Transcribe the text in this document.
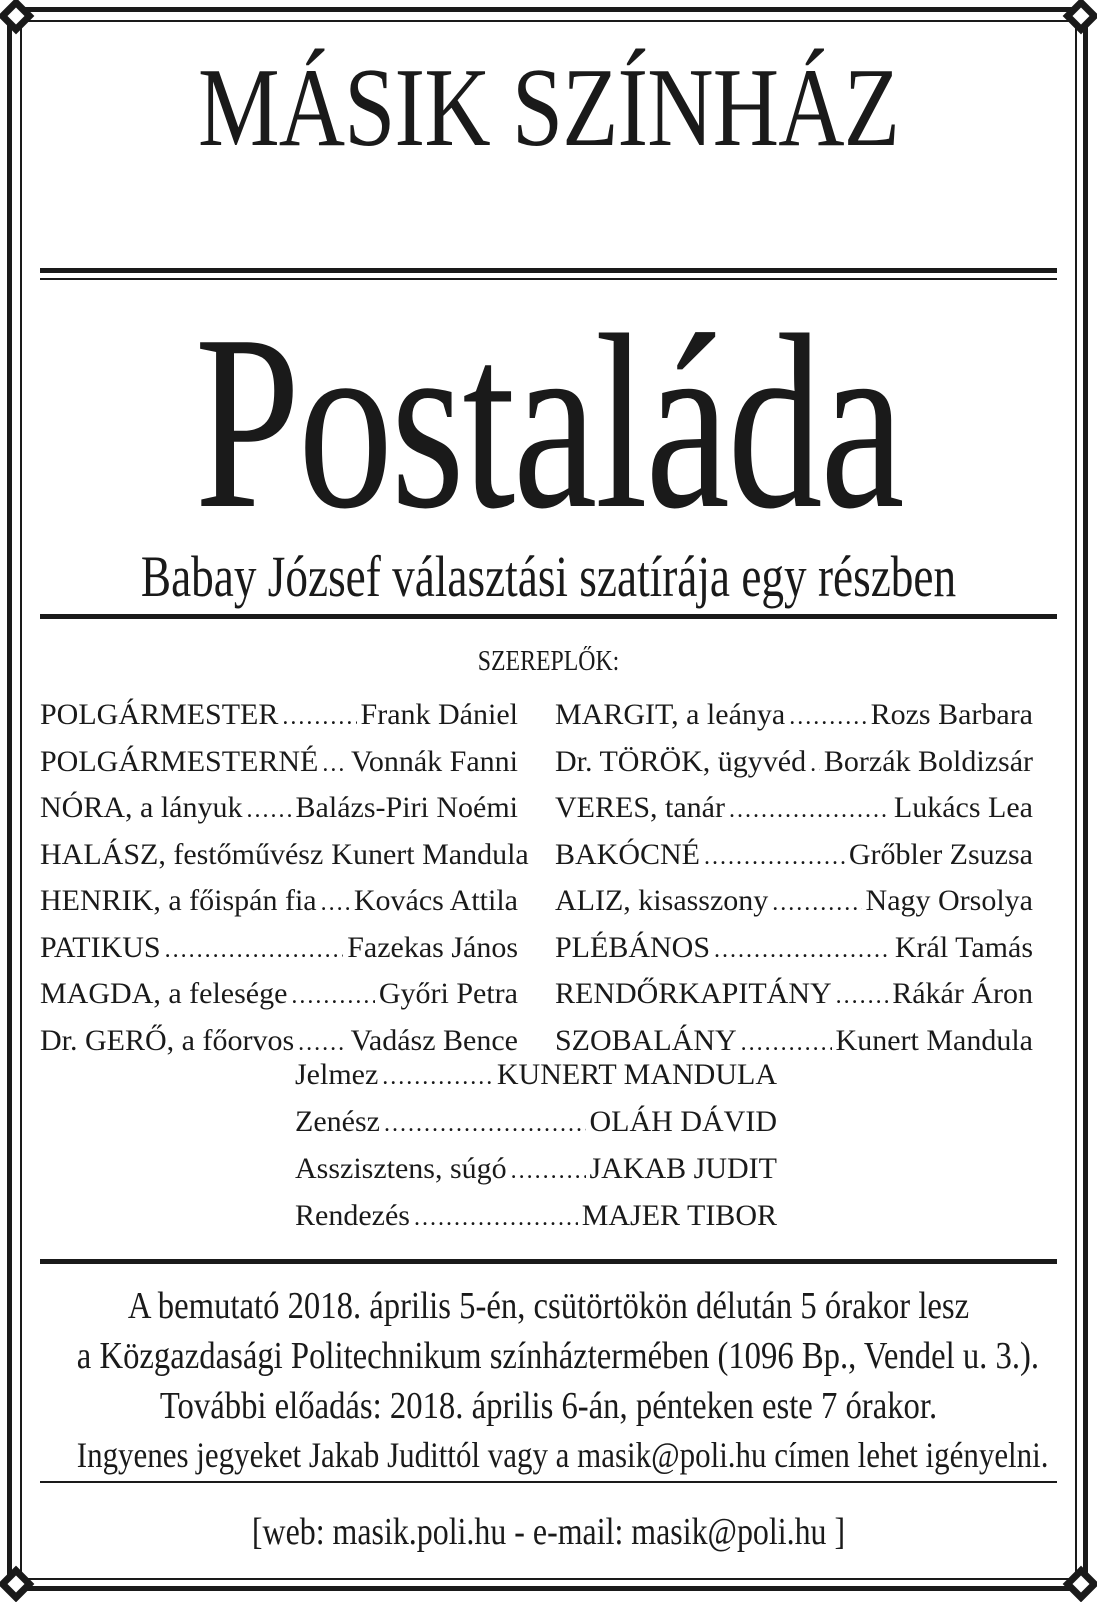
MÁSIK SZÍNHÁZ
Postaláda
Babay József választási szatírája egy részben
SZEREPLŐK:
POLGÁRMESTER .....	Frank Dániel
POLGÁRMESTERNÉ ..... Vonnák Fanni
NÓRA, a lányuk ..... Balázs-Piri Noémi
HALÁSZ, festőművész Kunert Mandula
HENRIK, a főispán fia ..... Kovács Attila
PATIKUS .....	Fazekas János
MAGDA, a felesége .....	Győri Petra
Dr. GERŐ, a főorvos ..... Vadász Bence
MARGIT, a leánya .....	Rozs Barbara
Dr. TÖRÖK, ügyvéd ..... Borzák Boldizsár
VERES, tanár .....	Lukács Lea
BAKÓCNÉ .....	Grőbler Zsuzsa
ALIZ, kisasszony .....	Nagy Orsolya
PLÉBÁNOS .....	Král Tamás
RENDŐRKAPITÁNY ..... Rákár Áron
SZOBALÁNY .....	Kunert Mandula
Jelmez .....	KUNERT MANDULA
Zenész .....	OLÁH DÁVID
Asszisztens, súgó .....	JAKAB JUDIT
Rendezés .....	MAJER TIBOR
A bemutató 2018. április 5-én, csütörtökön délután 5 órakor lesz
a Közgazdasági Politechnikum színháztermében (1096 Bp., Vendel u. 3.).
További előadás: 2018. április 6-án, pénteken este 7 órakor.
Ingyenes jegyeket Jakab Judittól vagy a masik@poli.hu címen lehet igényelni.
[web: masik.poli.hu - e-mail: masik@poli.hu ]
